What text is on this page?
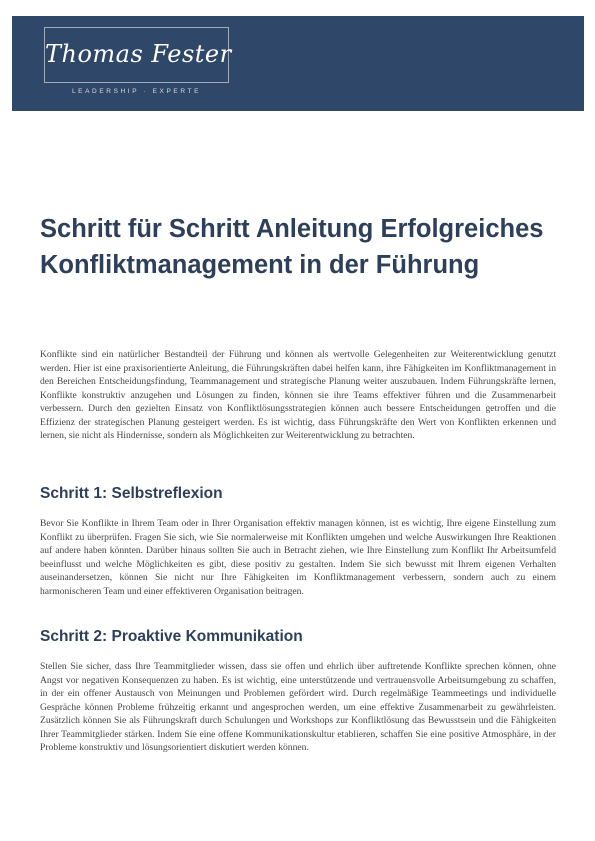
Thomas Fester
LEADERSHIP · EXPERTE
Schritt für Schritt Anleitung Erfolgreiches Konfliktmanagement in der Führung

Konflikte sind ein natürlicher Bestandteil der Führung und können als wertvolle Gelegenheiten zur Weiterentwicklung genutzt werden. Hier ist eine praxisorientierte Anleitung, die Führungskräften dabei helfen kann, ihre Fähigkeiten im Konfliktmanagement in den Bereichen Entscheidungsfindung, Teammanagement und strategische Planung weiter auszubauen. Indem Führungskräfte lernen, Konflikte konstruktiv anzugehen und Lösungen zu finden, können sie ihre Teams effektiver führen und die Zusammenarbeit verbessern. Durch den gezielten Einsatz von Konfliktlösungsstrategien können auch bessere Entscheidungen getroffen und die Effizienz der strategischen Planung gesteigert werden. Es ist wichtig, dass Führungskräfte den Wert von Konflikten erkennen und lernen, sie nicht als Hindernisse, sondern als Möglichkeiten zur Weiterentwicklung zu betrachten.

Schritt 1: Selbstreflexion

Bevor Sie Konflikte in Ihrem Team oder in Ihrer Organisation effektiv managen können, ist es wichtig, Ihre eigene Einstellung zum Konflikt zu überprüfen. Fragen Sie sich, wie Sie normalerweise mit Konflikten umgehen und welche Auswirkungen Ihre Reaktionen auf andere haben könnten. Darüber hinaus sollten Sie auch in Betracht ziehen, wie Ihre Einstellung zum Konflikt Ihr Arbeitsumfeld beeinflusst und welche Möglichkeiten es gibt, diese positiv zu gestalten. Indem Sie sich bewusst mit Ihrem eigenen Verhalten auseinandersetzen, können Sie nicht nur Ihre Fähigkeiten im Konfliktmanagement verbessern, sondern auch zu einem harmonischeren Team und einer effektiveren Organisation beitragen.

Schritt 2: Proaktive Kommunikation

Stellen Sie sicher, dass Ihre Teammitglieder wissen, dass sie offen und ehrlich über auftretende Konflikte sprechen können, ohne Angst vor negativen Konsequenzen zu haben. Es ist wichtig, eine unterstützende und vertrauensvolle Arbeitsumgebung zu schaffen, in der ein offener Austausch von Meinungen und Problemen gefördert wird. Durch regelmäßige Teammeetings und individuelle Gespräche können Probleme frühzeitig erkannt und angesprochen werden, um eine effektive Zusammenarbeit zu gewährleisten. Zusätzlich können Sie als Führungskraft durch Schulungen und Workshops zur Konfliktlösung das Bewusstsein und die Fähigkeiten Ihrer Teammitglieder stärken. Indem Sie eine offene Kommunikationskultur etablieren, schaffen Sie eine positive Atmosphäre, in der Probleme konstruktiv und lösungsorientiert diskutiert werden können.
